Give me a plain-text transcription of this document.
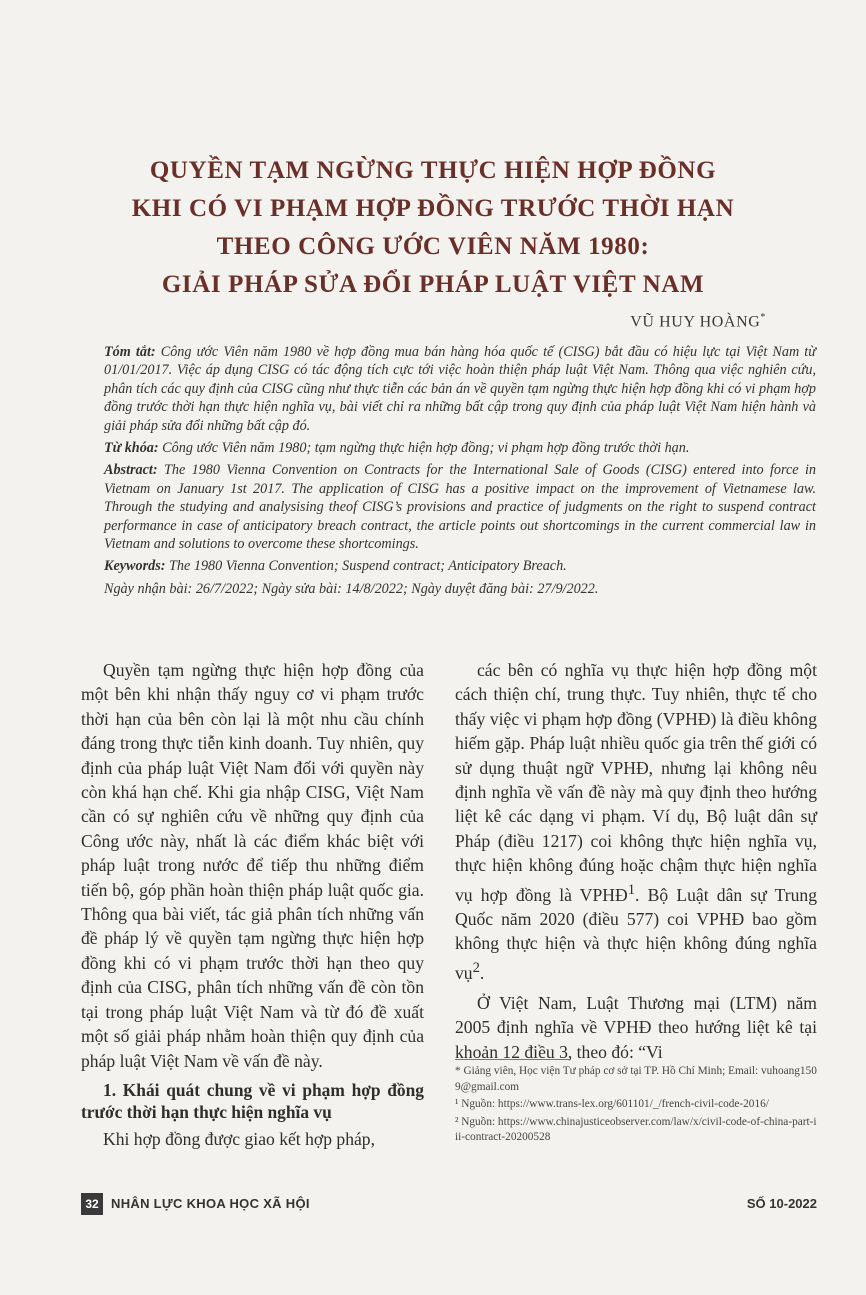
QUYỀN TẠM NGỪNG THỰC HIỆN HỢP ĐỒNG
KHI CÓ VI PHẠM HỢP ĐỒNG TRƯỚC THỜI HẠN
THEO CÔNG ƯỚC VIÊN NĂM 1980:
GIẢI PHÁP SỬA ĐỔI PHÁP LUẬT VIỆT NAM
VŨ HUY HOÀNG*

Tóm tắt: Công ước Viên năm 1980 về hợp đồng mua bán hàng hóa quốc tế (CISG) bắt đầu có hiệu lực tại Việt Nam từ 01/01/2017. Việc áp dụng CISG có tác động tích cực tới việc hoàn thiện pháp luật Việt Nam. Thông qua việc nghiên cứu, phân tích các quy định của CISG cũng như thực tiễn các bản án về quyền tạm ngừng thực hiện hợp đồng khi có vi phạm hợp đồng trước thời hạn thực hiện nghĩa vụ, bài viết chỉ ra những bất cập trong quy định của pháp luật Việt Nam hiện hành và giải pháp sửa đổi những bất cập đó.

Từ khóa: Công ước Viên năm 1980; tạm ngừng thực hiện hợp đồng; vi phạm hợp đồng trước thời hạn.

Abstract: The 1980 Vienna Convention on Contracts for the International Sale of Goods (CISG) entered into force in Vietnam on January 1st 2017. The application of CISG has a positive impact on the improvement of Vietnamese law. Through the studying and analysising theof CISG’s provisions and practice of judgments on the right to suspend contract performance in case of anticipatory breach contract, the article points out shortcomings in the current commercial law in Vietnam and solutions to overcome these shortcomings.

Keywords: The 1980 Vienna Convention; Suspend contract; Anticipatory Breach.

Ngày nhận bài: 26/7/2022; Ngày sửa bài: 14/8/2022; Ngày duyệt đăng bài: 27/9/2022.

Quyền tạm ngừng thực hiện hợp đồng của một bên khi nhận thấy nguy cơ vi phạm trước thời hạn của bên còn lại là một nhu cầu chính đáng trong thực tiễn kinh doanh. Tuy nhiên, quy định của pháp luật Việt Nam đối với quyền này còn khá hạn chế. Khi gia nhập CISG, Việt Nam cần có sự nghiên cứu về những quy định của Công ước này, nhất là các điểm khác biệt với pháp luật trong nước để tiếp thu những điểm tiến bộ, góp phần hoàn thiện pháp luật quốc gia. Thông qua bài viết, tác giả phân tích những vấn đề pháp lý về quyền tạm ngừng thực hiện hợp đồng khi có vi phạm trước thời hạn theo quy định của CISG, phân tích những vấn đề còn tồn tại trong pháp luật Việt Nam và từ đó đề xuất một số giải pháp nhằm hoàn thiện quy định của pháp luật Việt Nam về vấn đề này.

1. Khái quát chung về vi phạm hợp đồng trước thời hạn thực hiện nghĩa vụ

Khi hợp đồng được giao kết hợp pháp,

các bên có nghĩa vụ thực hiện hợp đồng một cách thiện chí, trung thực. Tuy nhiên, thực tế cho thấy việc vi phạm hợp đồng (VPHĐ) là điều không hiếm gặp. Pháp luật nhiều quốc gia trên thế giới có sử dụng thuật ngữ VPHĐ, nhưng lại không nêu định nghĩa về vấn đề này mà quy định theo hướng liệt kê các dạng vi phạm. Ví dụ, Bộ luật dân sự Pháp (điều 1217) coi không thực hiện nghĩa vụ, thực hiện không đúng hoặc chậm thực hiện nghĩa vụ hợp đồng là VPHĐ$^1$. Bộ Luật dân sự Trung Quốc năm 2020 (điều 577) coi VPHĐ bao gồm không thực hiện và thực hiện không đúng nghĩa vụ$^2$.

Ở Việt Nam, Luật Thương mại (LTM) năm 2005 định nghĩa về VPHĐ theo hướng liệt kê tại khoản 12 điều 3, theo đó: “Vi

* Giảng viên, Học viện Tư pháp cơ sở tại TP. Hồ Chí Minh; Email: vuhoang1509@gmail.com

¹ Nguồn: https://www.trans-lex.org/601101/_/french-civil-code-2016/

² Nguồn: https://www.chinajusticeobserver.com/law/x/civil-code-of-china-part-iii-contract-20200528

32 NHÂN LỰC KHOA HỌC XÃ HỘI	SỐ 10-2022
